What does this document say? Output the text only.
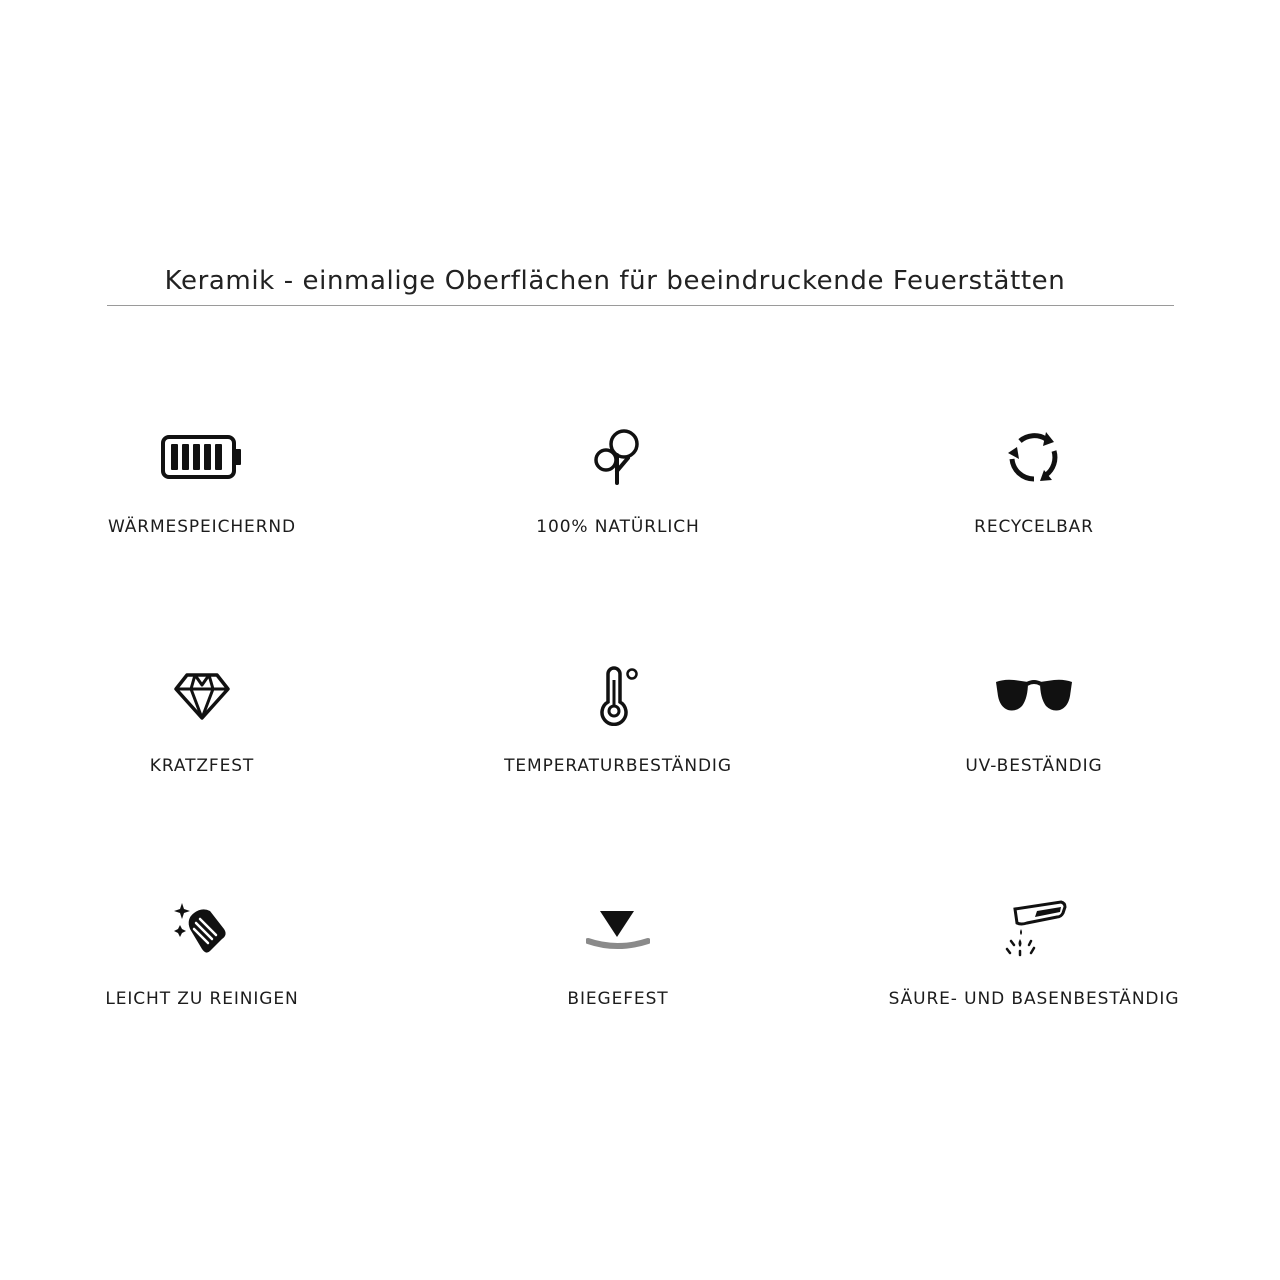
Keramik - einmalige Oberflächen für beeindruckende Feuerstätten
WÄRMESPEICHERND	100% NATÜRLICH	RECYCELBAR
KRATZFEST	TEMPERATURBESTÄNDIG	UV-BESTÄNDIG
LEICHT ZU REINIGEN	BIEGEFEST	SÄURE- UND BASENBESTÄNDIG
